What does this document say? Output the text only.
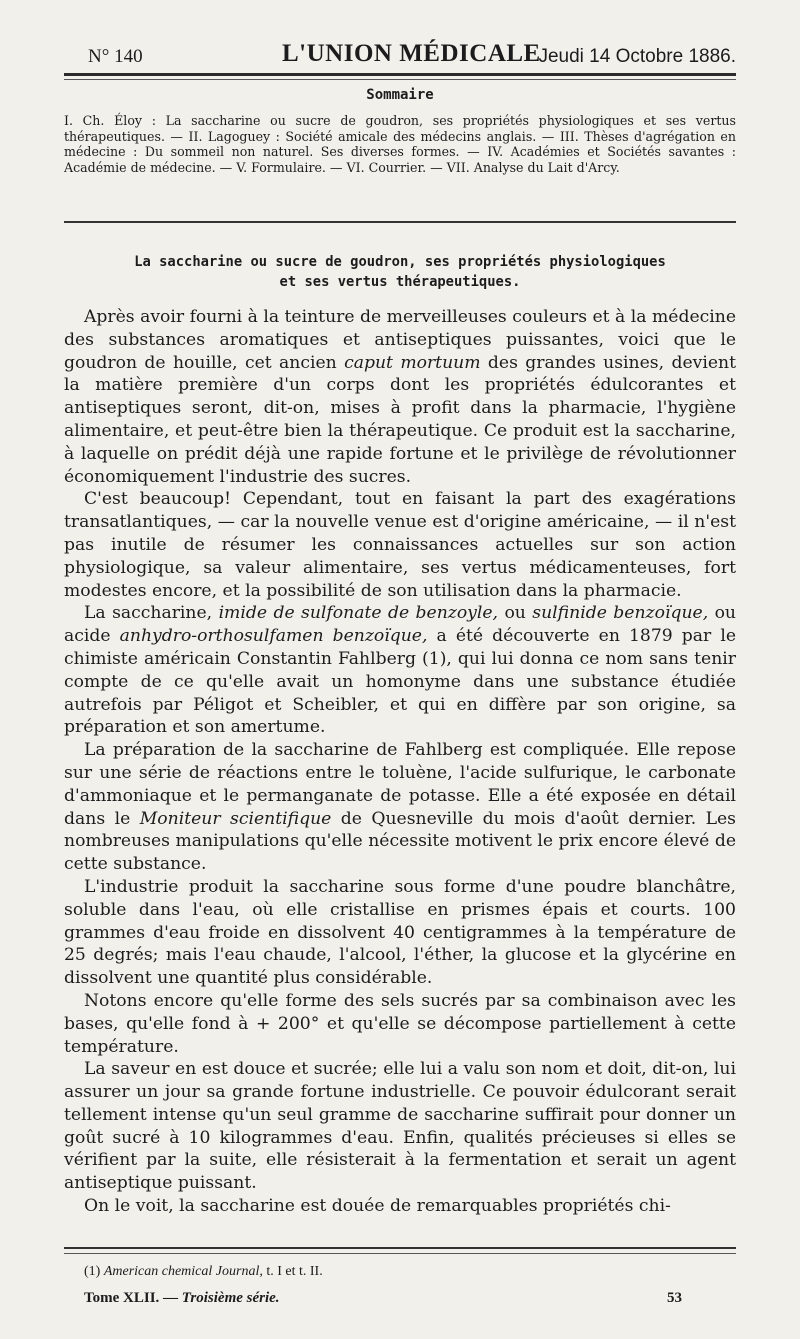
N° 140	L'UNION MÉDICALE
Jeudi 14 Octobre 1886.
Sommaire
I. Ch. Éloy : La saccharine ou sucre de goudron, ses propriétés physiologiques et ses vertus thérapeutiques. — II. Lagoguey : Société amicale des médecins anglais. — III. Thèses d'agrégation en médecine : Du sommeil non naturel. Ses diverses formes. — IV. Académies et Sociétés savantes : Académie de médecine. — V. Formulaire. — VI. Courrier. — VII. Analyse du Lait d'Arcy.
La saccharine ou sucre de goudron, ses propriétés physiologiques
et ses vertus thérapeutiques.

Après avoir fourni à la teinture de merveilleuses couleurs et à la médecine des substances aromatiques et antiseptiques puissantes, voici que le goudron de houille, cet ancien caput mortuum des grandes usines, devient la matière première d'un corps dont les propriétés édulcorantes et antiseptiques seront, dit-on, mises à profit dans la pharmacie, l'hygiène alimentaire, et peut-être bien la thérapeutique. Ce produit est la saccharine, à laquelle on prédit déjà une rapide fortune et le privilège de révolutionner économiquement l'industrie des sucres.

C'est beaucoup! Cependant, tout en faisant la part des exagérations transatlantiques, — car la nouvelle venue est d'origine américaine, — il n'est pas inutile de résumer les connaissances actuelles sur son action physiologique, sa valeur alimentaire, ses vertus médicamenteuses, fort modestes encore, et la possibilité de son utilisation dans la pharmacie.

La saccharine, imide de sulfonate de benzoyle, ou sulfinide benzoïque, ou acide anhydro-orthosulfamen benzoïque, a été découverte en 1879 par le chimiste américain Constantin Fahlberg (1), qui lui donna ce nom sans tenir compte de ce qu'elle avait un homonyme dans une substance étudiée autrefois par Péligot et Scheibler, et qui en diffère par son origine, sa préparation et son amertume.

La préparation de la saccharine de Fahlberg est compliquée. Elle repose sur une série de réactions entre le toluène, l'acide sulfurique, le carbonate d'ammoniaque et le permanganate de potasse. Elle a été exposée en détail dans le Moniteur scientifique de Quesneville du mois d'août dernier. Les nombreuses manipulations qu'elle nécessite motivent le prix encore élevé de cette substance.

L'industrie produit la saccharine sous forme d'une poudre blanchâtre, soluble dans l'eau, où elle cristallise en prismes épais et courts. 100 grammes d'eau froide en dissolvent 40 centigrammes à la température de 25 degrés; mais l'eau chaude, l'alcool, l'éther, la glucose et la glycérine en dissolvent une quantité plus considérable.

Notons encore qu'elle forme des sels sucrés par sa combinaison avec les bases, qu'elle fond à + 200° et qu'elle se décompose partiellement à cette température.

La saveur en est douce et sucrée; elle lui a valu son nom et doit, dit-on, lui assurer un jour sa grande fortune industrielle. Ce pouvoir édulcorant serait tellement intense qu'un seul gramme de saccharine suffirait pour donner un goût sucré à 10 kilogrammes d'eau. Enfin, qualités précieuses si elles se vérifient par la suite, elle résisterait à la fermentation et serait un agent antiseptique puissant.

On le voit, la saccharine est douée de remarquables propriétés chi-

(1) American chemical Journal, t. I et t. II.
Tome XLII. — Troisième série.	53
